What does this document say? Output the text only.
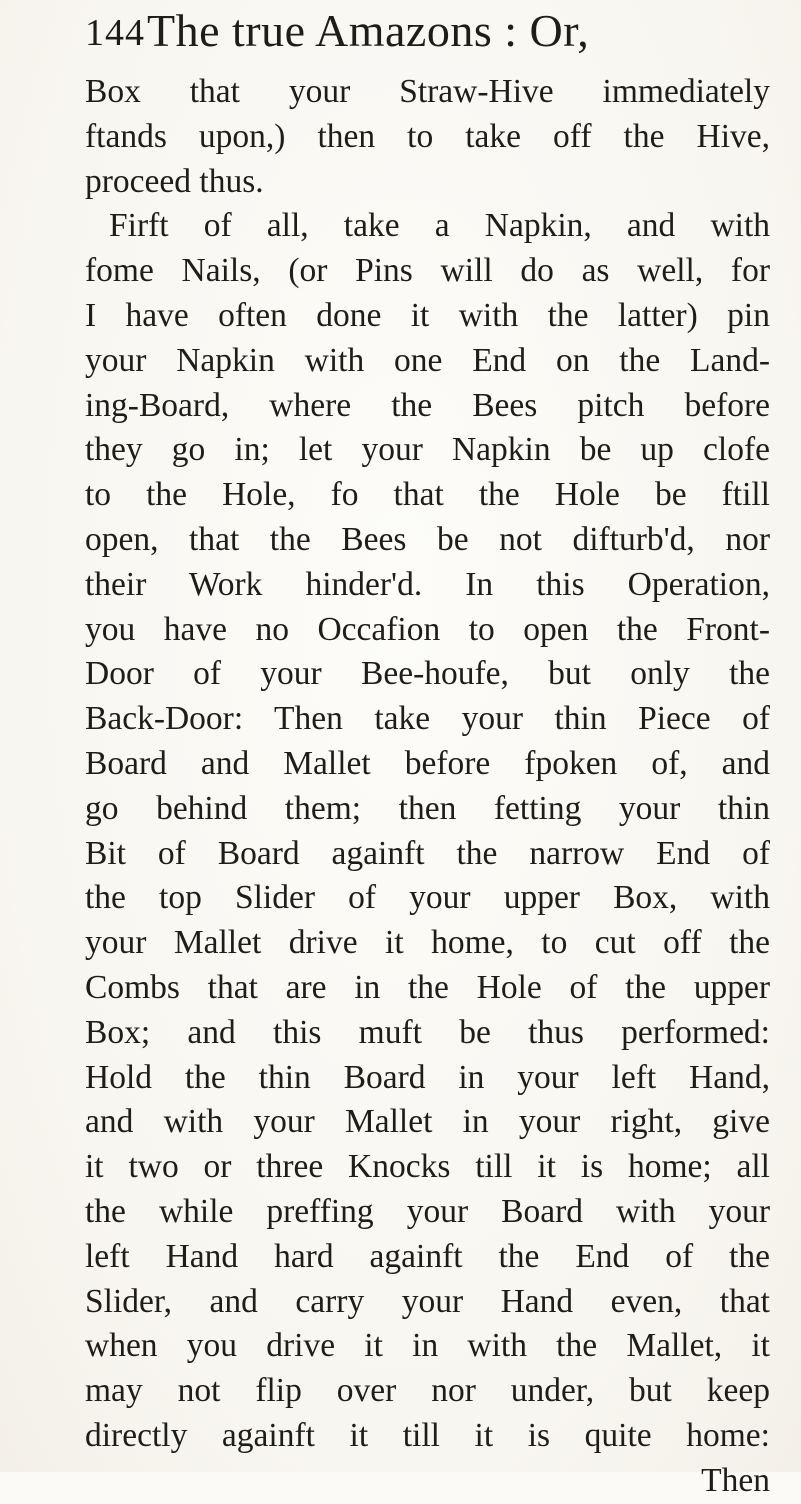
144 The true Amazons : Or,
Box that your Straw-Hive immediately
ftands upon,) then to take off the Hive,
proceed thus.
Firft of all, take a Napkin, and with
fome Nails, (or Pins will do as well, for
I have often done it with the latter) pin
your Napkin with one End on the Land-
ing-Board, where the Bees pitch before
they go in; let your Napkin be up clofe
to the Hole, fo that the Hole be ftill
open, that the Bees be not difturb'd, nor
their Work hinder'd. In this Operation,
you have no Occafion to open the Front-
Door of your Bee-houfe, but only the
Back-Door: Then take your thin Piece of
Board and Mallet before fpoken of, and
go behind them; then fetting your thin
Bit of Board againft the narrow End of
the top Slider of your upper Box, with
your Mallet drive it home, to cut off the
Combs that are in the Hole of the upper
Box; and this muft be thus performed:
Hold the thin Board in your left Hand,
and with your Mallet in your right, give
it two or three Knocks till it is home; all
the while preffing your Board with your
left Hand hard againft the End of the
Slider, and carry your Hand even, that
when you drive it in with the Mallet, it
may not flip over nor under, but keep
directly againft it till it is quite home:
Then
